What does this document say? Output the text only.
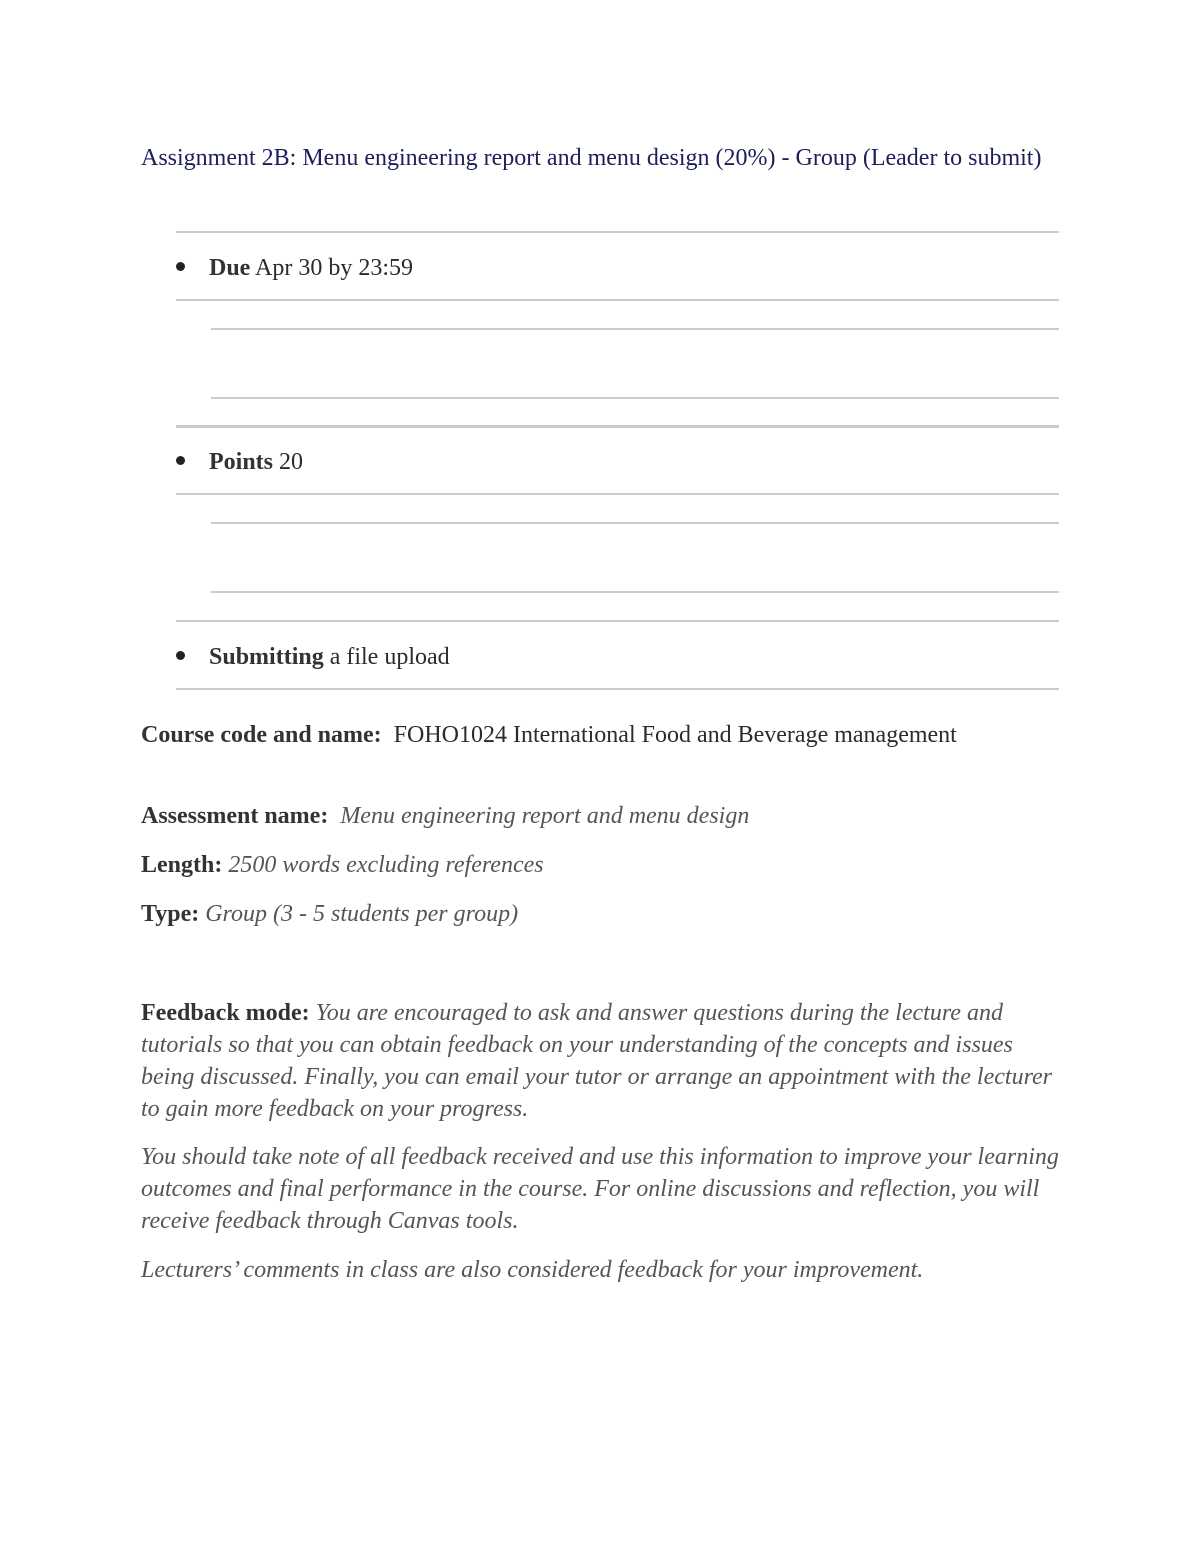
Assignment 2B: Menu engineering report and menu design (20%) - Group (Leader to submit)
Due Apr 30 by 23:59
Points 20
Submitting a file upload

Course code and name: FOHO1024 International Food and Beverage management

Assessment name: Menu engineering report and menu design

Length: 2500 words excluding references

Type: Group (3 - 5 students per group)

Feedback mode: You are encouraged to ask and answer questions during the lecture and tutorials so that you can obtain feedback on your understanding of the concepts and issues being discussed. Finally, you can email your tutor or arrange an appointment with the lecturer to gain more feedback on your progress.

You should take note of all feedback received and use this information to improve your learning outcomes and final performance in the course. For online discussions and reflection, you will receive feedback through Canvas tools.

Lecturers’ comments in class are also considered feedback for your improvement.
